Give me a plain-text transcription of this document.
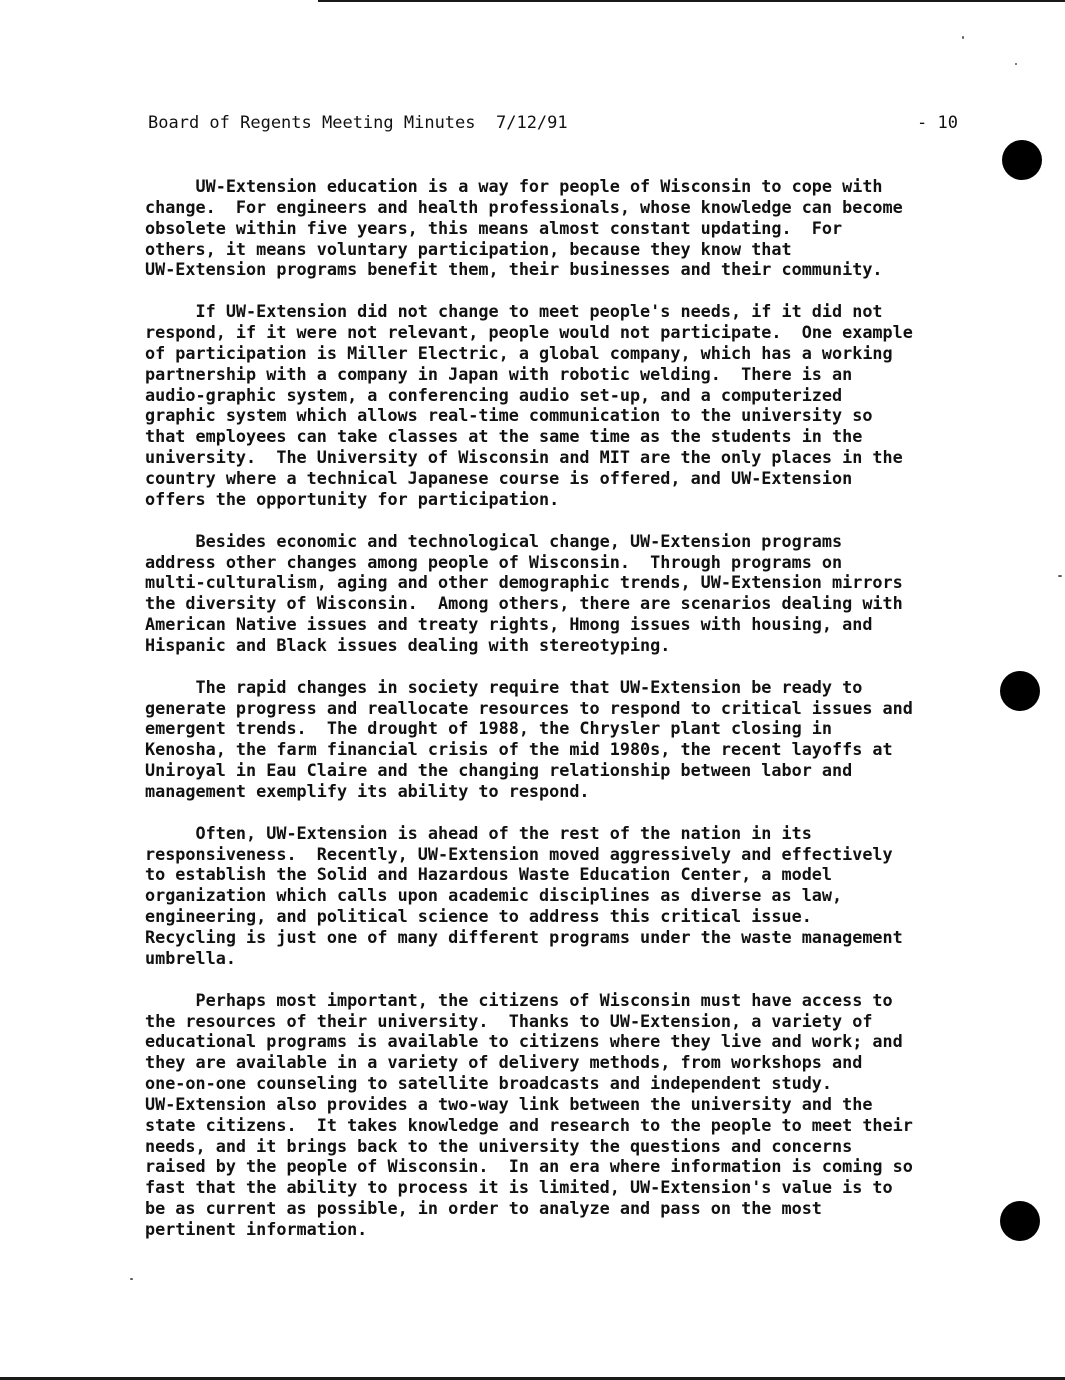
Board of Regents Meeting Minutes  7/12/91	- 10
UW-Extension education is a way for people of Wisconsin to cope with
change.  For engineers and health professionals, whose knowledge can become
obsolete within five years, this means almost constant updating.  For
others, it means voluntary participation, because they know that
UW-Extension programs benefit them, their businesses and their community.
If UW-Extension did not change to meet people's needs, if it did not
respond, if it were not relevant, people would not participate.  One example
of participation is Miller Electric, a global company, which has a working
partnership with a company in Japan with robotic welding.  There is an
audio-graphic system, a conferencing audio set-up, and a computerized
graphic system which allows real-time communication to the university so
that employees can take classes at the same time as the students in the
university.  The University of Wisconsin and MIT are the only places in the
country where a technical Japanese course is offered, and UW-Extension
offers the opportunity for participation.
Besides economic and technological change, UW-Extension programs
address other changes among people of Wisconsin.  Through programs on
multi-culturalism, aging and other demographic trends, UW-Extension mirrors
the diversity of Wisconsin.  Among others, there are scenarios dealing with
American Native issues and treaty rights, Hmong issues with housing, and
Hispanic and Black issues dealing with stereotyping.
The rapid changes in society require that UW-Extension be ready to
generate progress and reallocate resources to respond to critical issues and
emergent trends.  The drought of 1988, the Chrysler plant closing in
Kenosha, the farm financial crisis of the mid 1980s, the recent layoffs at
Uniroyal in Eau Claire and the changing relationship between labor and
management exemplify its ability to respond.
Often, UW-Extension is ahead of the rest of the nation in its
responsiveness.  Recently, UW-Extension moved aggressively and effectively
to establish the Solid and Hazardous Waste Education Center, a model
organization which calls upon academic disciplines as diverse as law,
engineering, and political science to address this critical issue.
Recycling is just one of many different programs under the waste management
umbrella.
Perhaps most important, the citizens of Wisconsin must have access to
the resources of their university.  Thanks to UW-Extension, a variety of
educational programs is available to citizens where they live and work; and
they are available in a variety of delivery methods, from workshops and
one-on-one counseling to satellite broadcasts and independent study.
UW-Extension also provides a two-way link between the university and the
state citizens.  It takes knowledge and research to the people to meet their
needs, and it brings back to the university the questions and concerns
raised by the people of Wisconsin.  In an era where information is coming so
fast that the ability to process it is limited, UW-Extension's value is to
be as current as possible, in order to analyze and pass on the most
pertinent information.
